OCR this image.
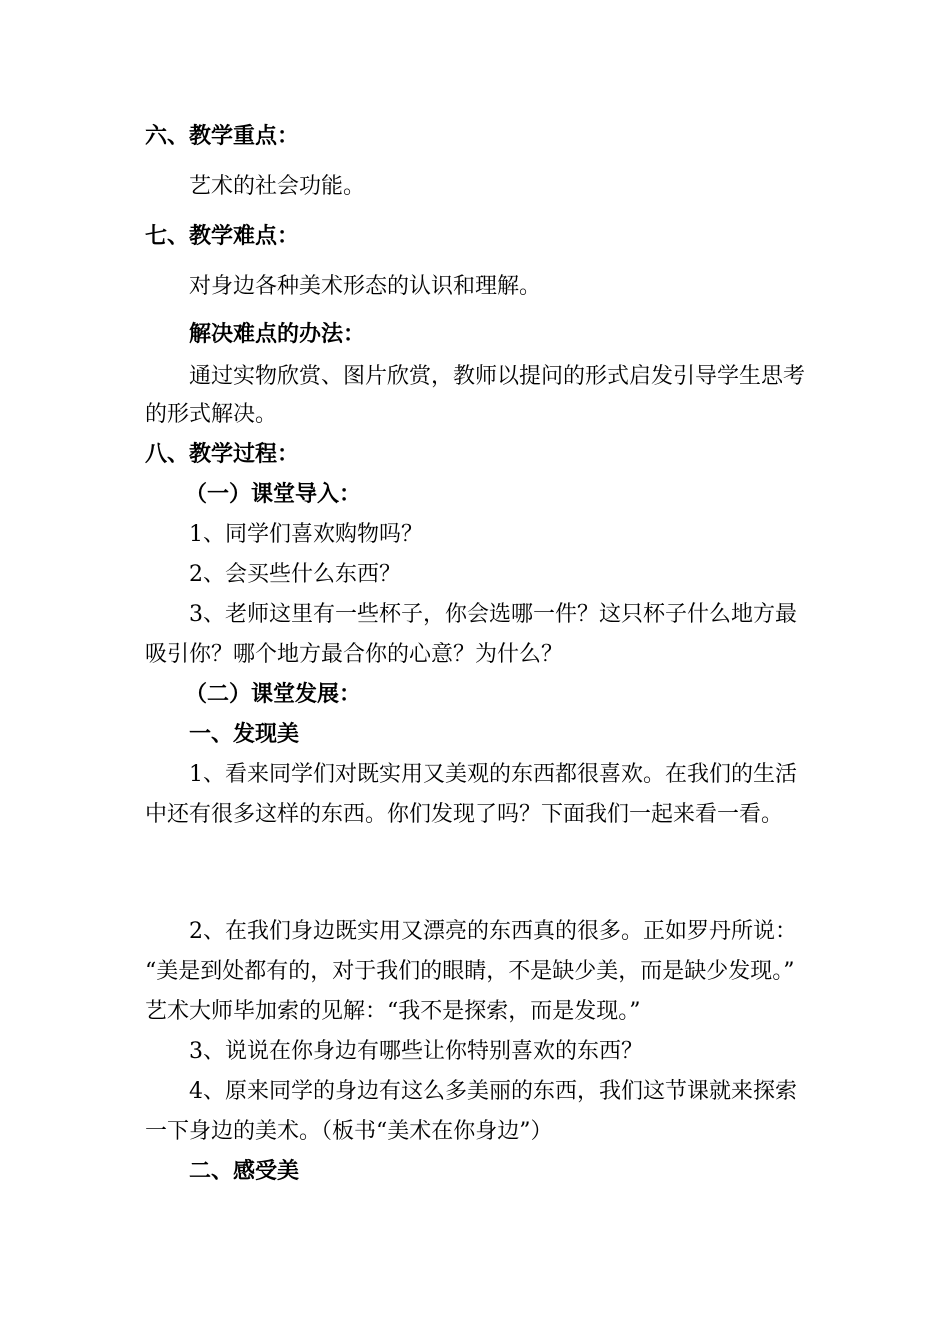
六、教学重点：
艺术的社会功能。
七、教学难点：
对身边各种美术形态的认识和理解。
解决难点的办法：
通过实物欣赏、图片欣赏，教师以提问的形式启发引导学生思考
的形式解决。
八、教学过程：
（一）课堂导入：
1、同学们喜欢购物吗？
2、会买些什么东西？
3、老师这里有一些杯子，你会选哪一件？这只杯子什么地方最
吸引你？哪个地方最合你的心意？为什么？
（二）课堂发展：
一、发现美
1、看来同学们对既实用又美观的东西都很喜欢。在我们的生活
中还有很多这样的东西。你们发现了吗？下面我们一起来看一看。
2、在我们身边既实用又漂亮的东西真的很多。正如罗丹所说：
“美是到处都有的，对于我们的眼睛，不是缺少美，而是缺少发现。”
艺术大师毕加索的见解：“我不是探索，而是发现。”
3、说说在你身边有哪些让你特别喜欢的东西？
4、原来同学的身边有这么多美丽的东西，我们这节课就来探索
一下身边的美术。（板书“美术在你身边”）
二、感受美
